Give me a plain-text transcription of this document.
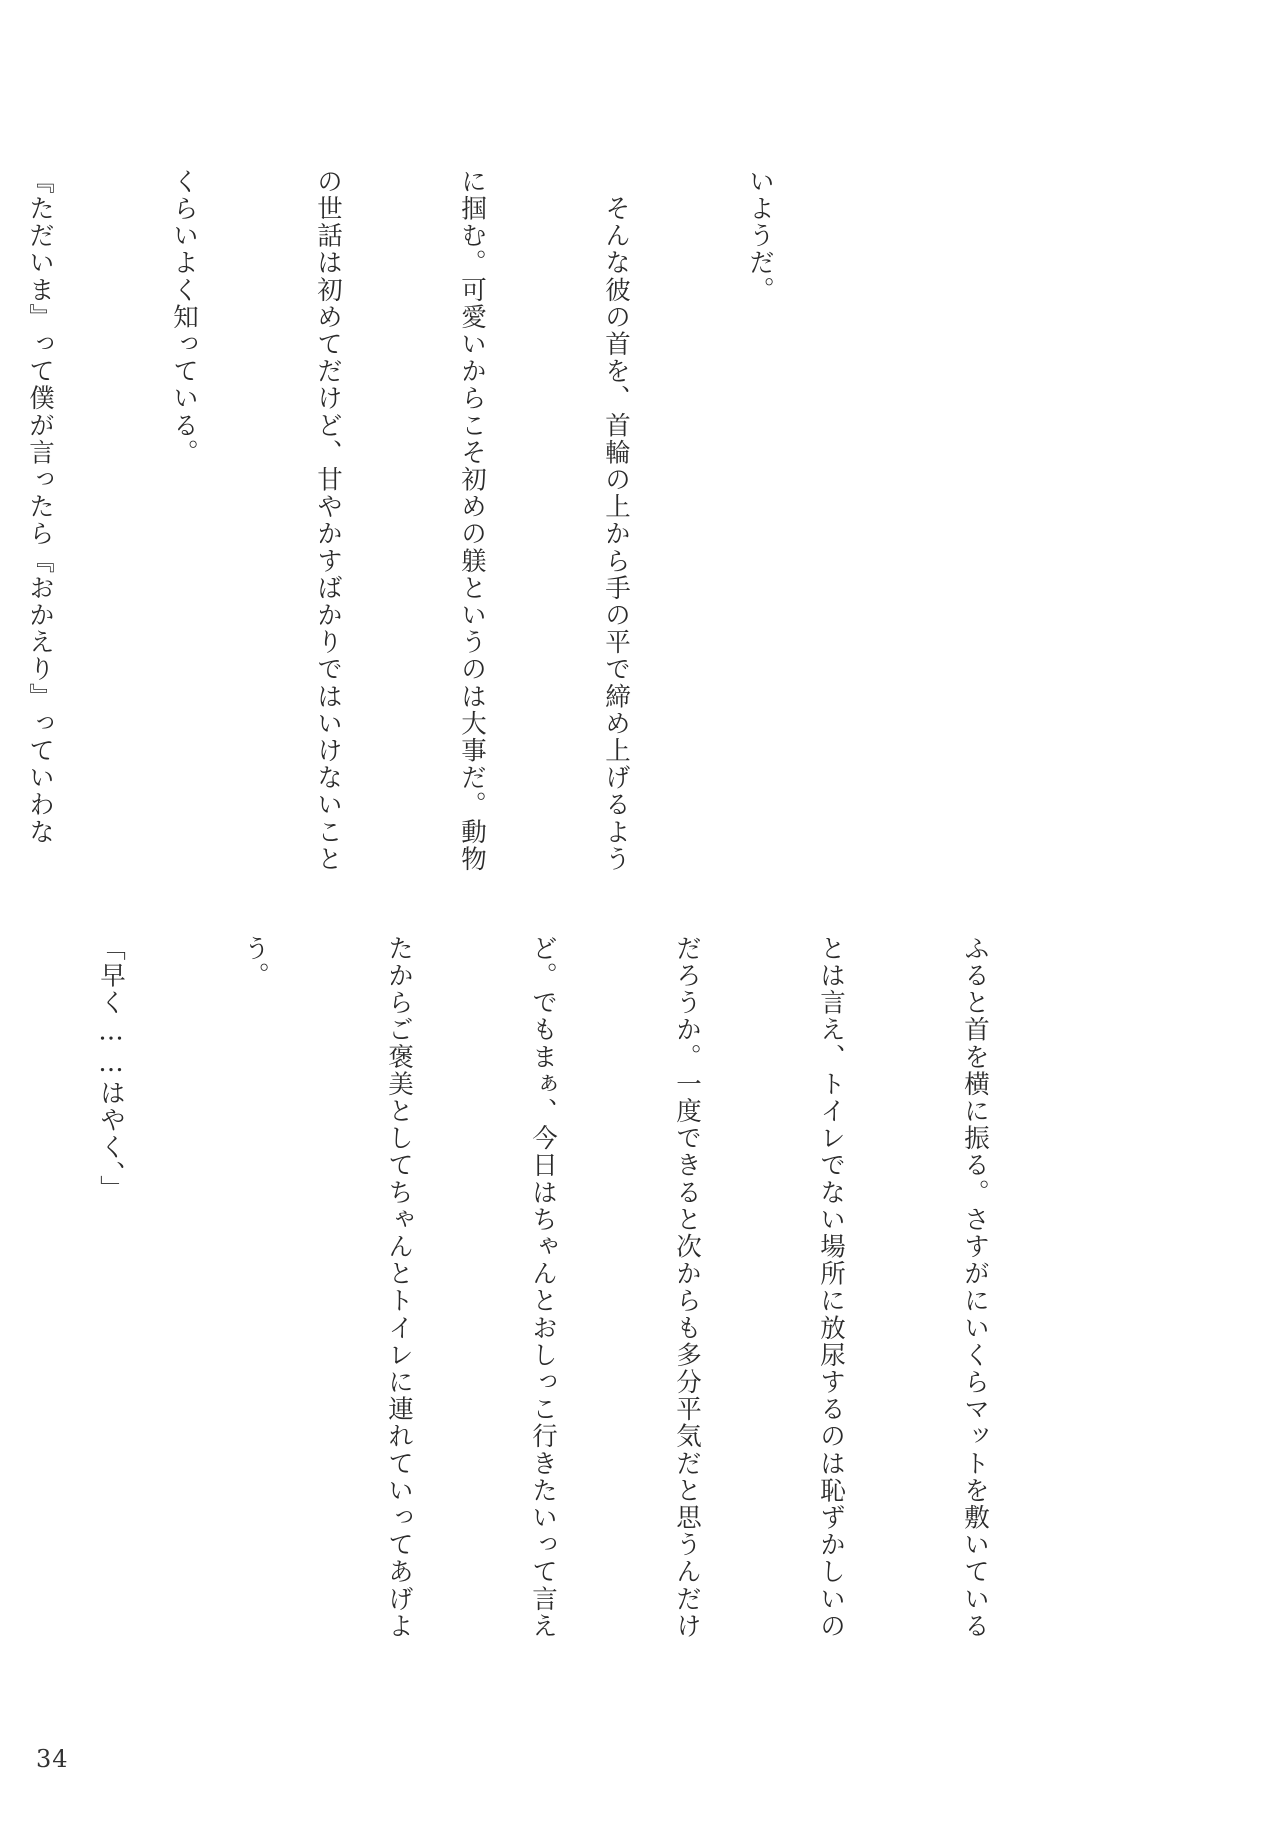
いようだ。

　そんな彼の首を、首輪の上から手の平で締め上げるよう

に掴む。可愛いからこそ初めの躾というのは大事だ。動物

の世話は初めてだけど、甘やかすばかりではいけないこと

くらいよく知っている。

『ただいま』って僕が言ったら『おかえり』っていわな

ふると首を横に振る。さすがにいくらマットを敷いている

とは言え、トイレでない場所に放尿するのは恥ずかしいの

だろうか。一度できると次からも多分平気だと思うんだけ

ど。でもまぁ、今日はちゃんとおしっこ行きたいって言え

たからご褒美としてちゃんとトイレに連れていってあげよ

う。

「早く……はやく、」

34
